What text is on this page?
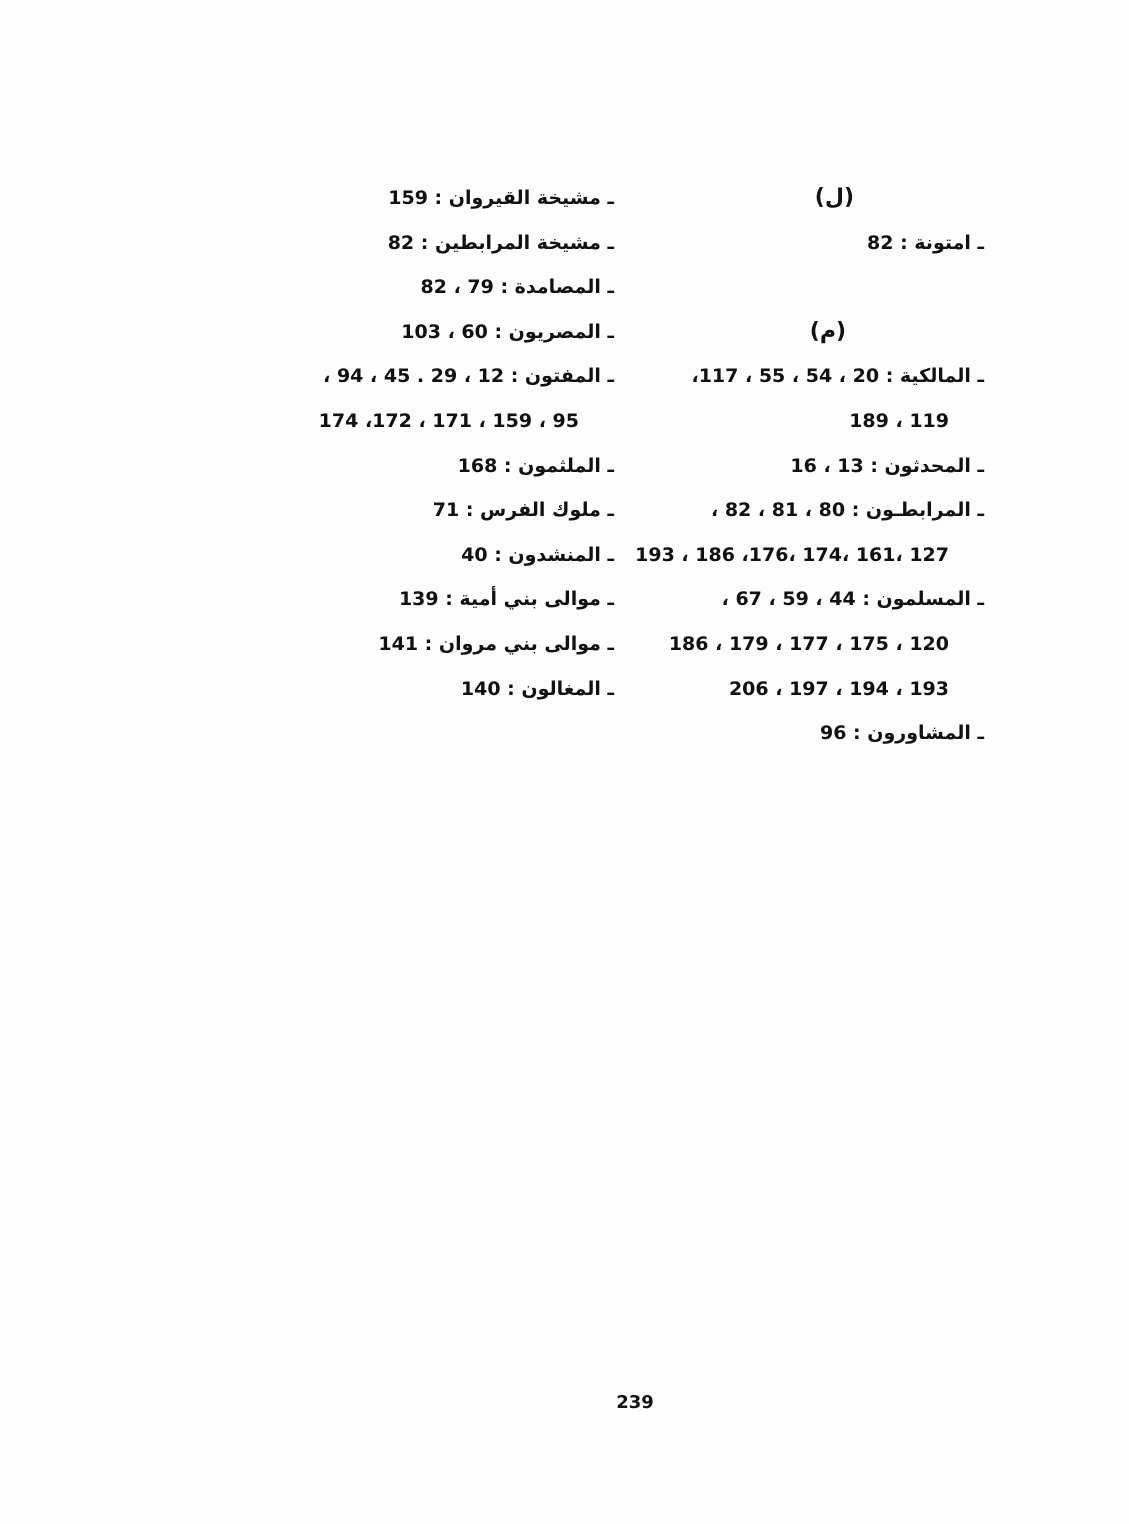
(ل)
ـ امتونة : 82
(م)
ـ المالكية : 20 ، 54 ، 55 ، 117،
119 ، 189
ـ المحدثون : 13 ، 16
ـ المرابطـون : 80 ، 81 ، 82 ،
127 ،161 ،174 ،176، 186 ، 193
ـ المسلمون : 44 ، 59 ، 67 ،
120 ، 175 ، 177 ، 179 ، 186
193 ، 194 ، 197 ، 206
ـ المشاورون : 96
ـ مشيخة القيروان : 159
ـ مشيخة المرابطين : 82
ـ المصامدة : 79 ، 82
ـ المصريون : 60 ، 103
ـ المفتون : 12 ، 29 . 45 ، 94 ،
95 ، 159 ، 171 ، 172، 174
ـ الملثمون : 168
ـ ملوك الفرس : 71
ـ المنشدون : 40
ـ موالى بني أمية : 139
ـ موالى بني مروان : 141
ـ المغالون : 140
239
